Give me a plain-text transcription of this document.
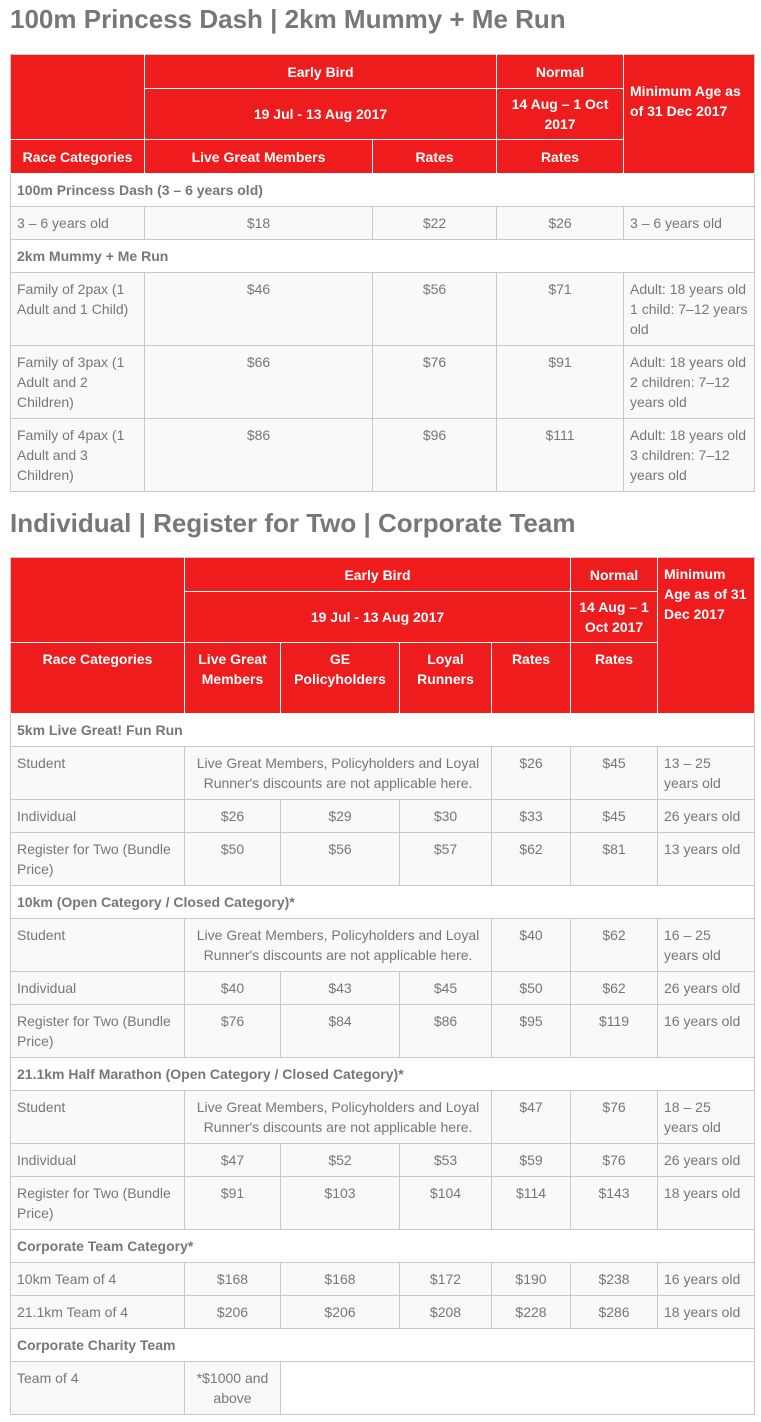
100m Princess Dash | 2km Mummy + Me Run
	Early Bird		Normal	Minimum Age as of 31 Dec 2017
	19 Jul - 13 Aug 2017		14 Aug – 1 Oct 2017	
Race Categories	Live Great Members	Rates	Rates	
100m Princess Dash (3 – 6 years old)				
3 – 6 years old	$18	$22	$26	3 – 6 years old
2km Mummy + Me Run				
Family of 2pax (1 Adult and 1 Child)	$46	$56	$71	Adult: 18 years old 1 child: 7–12 years old
Family of 3pax (1 Adult and 2 Children)	$66	$76	$91	Adult: 18 years old 2 children: 7–12 years old
Family of 4pax (1 Adult and 3 Children)	$86	$96	$111	Adult: 18 years old 3 children: 7–12 years old
Individual | Register for Two | Corporate Team
	Early Bird				Normal	Minimum Age as of 31 Dec 2017
	19 Jul - 13 Aug 2017				14 Aug – 1 Oct 2017	
Race Categories	Live Great Members	GE Policyholders	Loyal Runners	Rates	Rates	
5km Live Great! Fun Run						
Student	Live Great Members, Policyholders and Loyal Runner's discounts are not applicable here.			$26	$45	13 – 25 years old
Individual	$26	$29	$30	$33	$45	26 years old
Register for Two (Bundle Price)	$50	$56	$57	$62	$81	13 years old
10km (Open Category / Closed Category)*						
Student	Live Great Members, Policyholders and Loyal Runner's discounts are not applicable here.			$40	$62	16 – 25 years old
Individual	$40	$43	$45	$50	$62	26 years old
Register for Two (Bundle Price)	$76	$84	$86	$95	$119	16 years old
21.1km Half Marathon (Open Category / Closed Category)*						
Student	Live Great Members, Policyholders and Loyal Runner's discounts are not applicable here.			$47	$76	18 – 25 years old
Individual	$47	$52	$53	$59	$76	26 years old
Register for Two (Bundle Price)	$91	$103	$104	$114	$143	18 years old
Corporate Team Category*						
10km Team of 4	$168	$168	$172	$190	$238	16 years old
21.1km Team of 4	$206	$206	$208	$228	$286	18 years old
Corporate Charity Team						
Team of 4	*$1000 and above					
